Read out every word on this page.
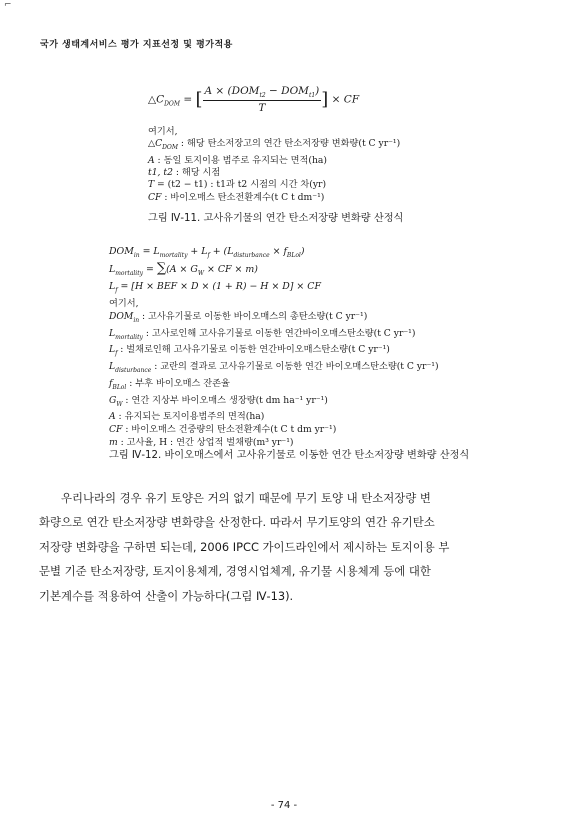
⌐
국가 생태계서비스 평가 지표선정 및 평가적용
$\triangle C_{DOM}$ = [ $\frac{A \times (DOM_{t2} - DOM_{t1})}{T}$ ] × CF
여기서,
$\triangle C_{DOM}$ : 해당 탄소저장고의 연간 탄소저장량 변화량(t C yr⁻¹)
A : 동일 토지이용 범주로 유지되는 면적(ha)
t1, t2 : 해당 시점
T = (t2 − t1) : t1과 t2 시점의 시간 차(yr)
CF : 바이오매스 탄소전환계수(t C t dm⁻¹)
그림 Ⅳ-11. 고사유기물의 연간 탄소저장량 변화량 산정식
$DOM_{in} = L_{mortality} + L_f + (L_{disturbance} \times f_{BLol})$
$L_{mortality} = \sum(A \times G_W$ × CF × m)
$L_f = [H$ × BEF × D × (1 + R) − H × D] × CF
여기서,
$DOM_{in}$ : 고사유기물로 이동한 바이오매스의 총탄소량(t C yr⁻¹)
$L_{mortality}$ : 고사로인해 고사유기물로 이동한 연간바이오매스탄소량(t C yr⁻¹)
$L_f$ : 벌채로인해 고사유기물로 이동한 연간바이오매스탄소량(t C yr⁻¹)
$L_{disturbance}$ : 교란의 결과로 고사유기물로 이동한 연간 바이오매스탄소량(t C yr⁻¹)
$f_{BLol}$ : 부후 바이오매스 잔존율
$G_W$ : 연간 지상부 바이오매스 생장량(t dm ha⁻¹ yr⁻¹)
A : 유지되는 토지이용범주의 면적(ha)
CF : 바이오매스 건중량의 탄소전환계수(t C t dm yr⁻¹)
m : 고사율, H : 연간 상업적 벌채량(m³ yr⁻¹)
그림 Ⅳ-12. 바이오매스에서 고사유기물로 이동한 연간 탄소저장량 변화량 산정식
우리나라의 경우 유기 토양은 거의 없기 때문에 무기 토양 내 탄소저장량 변
화량으로 연간 탄소저장량 변화량을 산정한다. 따라서 무기토양의 연간 유기탄소
저장량 변화량을 구하면 되는데, 2006 IPCC 가이드라인에서 제시하는 토지이용 부
문별 기준 탄소저장량, 토지이용체계, 경영시업체계, 유기물 시용체계 등에 대한
기본계수를 적용하여 산출이 가능하다(그림 Ⅳ-13).
- 74 -
